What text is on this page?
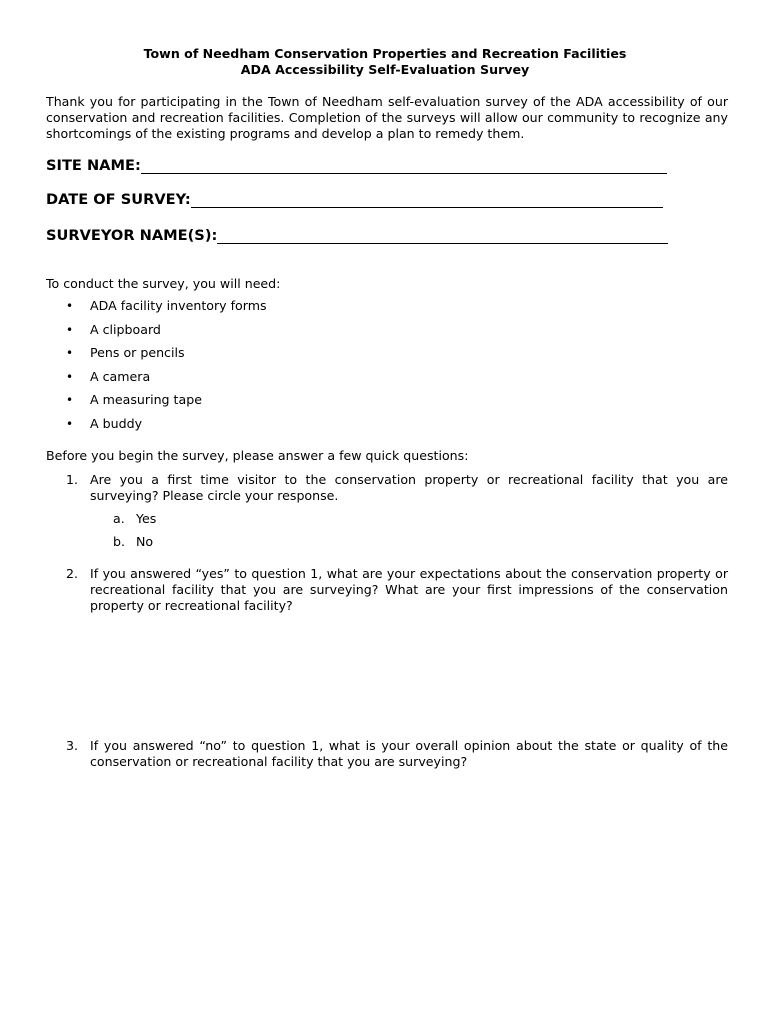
Town of Needham Conservation Properties and Recreation Facilities
ADA Accessibility Self-Evaluation Survey
Thank you for participating in the Town of Needham self-evaluation survey of the ADA accessibility of our conservation and recreation facilities. Completion of the surveys will allow our community to recognize any shortcomings of the existing programs and develop a plan to remedy them.
SITE NAME:
DATE OF SURVEY:
SURVEYOR NAME(S):
To conduct the survey, you will need:
•	ADA facility inventory forms
•	A clipboard
•	Pens or pencils
•	A camera
•	A measuring tape
•	A buddy
Before you begin the survey, please answer a few quick questions:
1. Are you a first time visitor to the conservation property or recreational facility that you are surveying? Please circle your response.
a. Yes
b. No
2. If you answered “yes” to question 1, what are your expectations about the conservation property or recreational facility that you are surveying? What are your first impressions of the conservation property or recreational facility?
3. If you answered “no” to question 1, what is your overall opinion about the state or quality of the conservation or recreational facility that you are surveying?
